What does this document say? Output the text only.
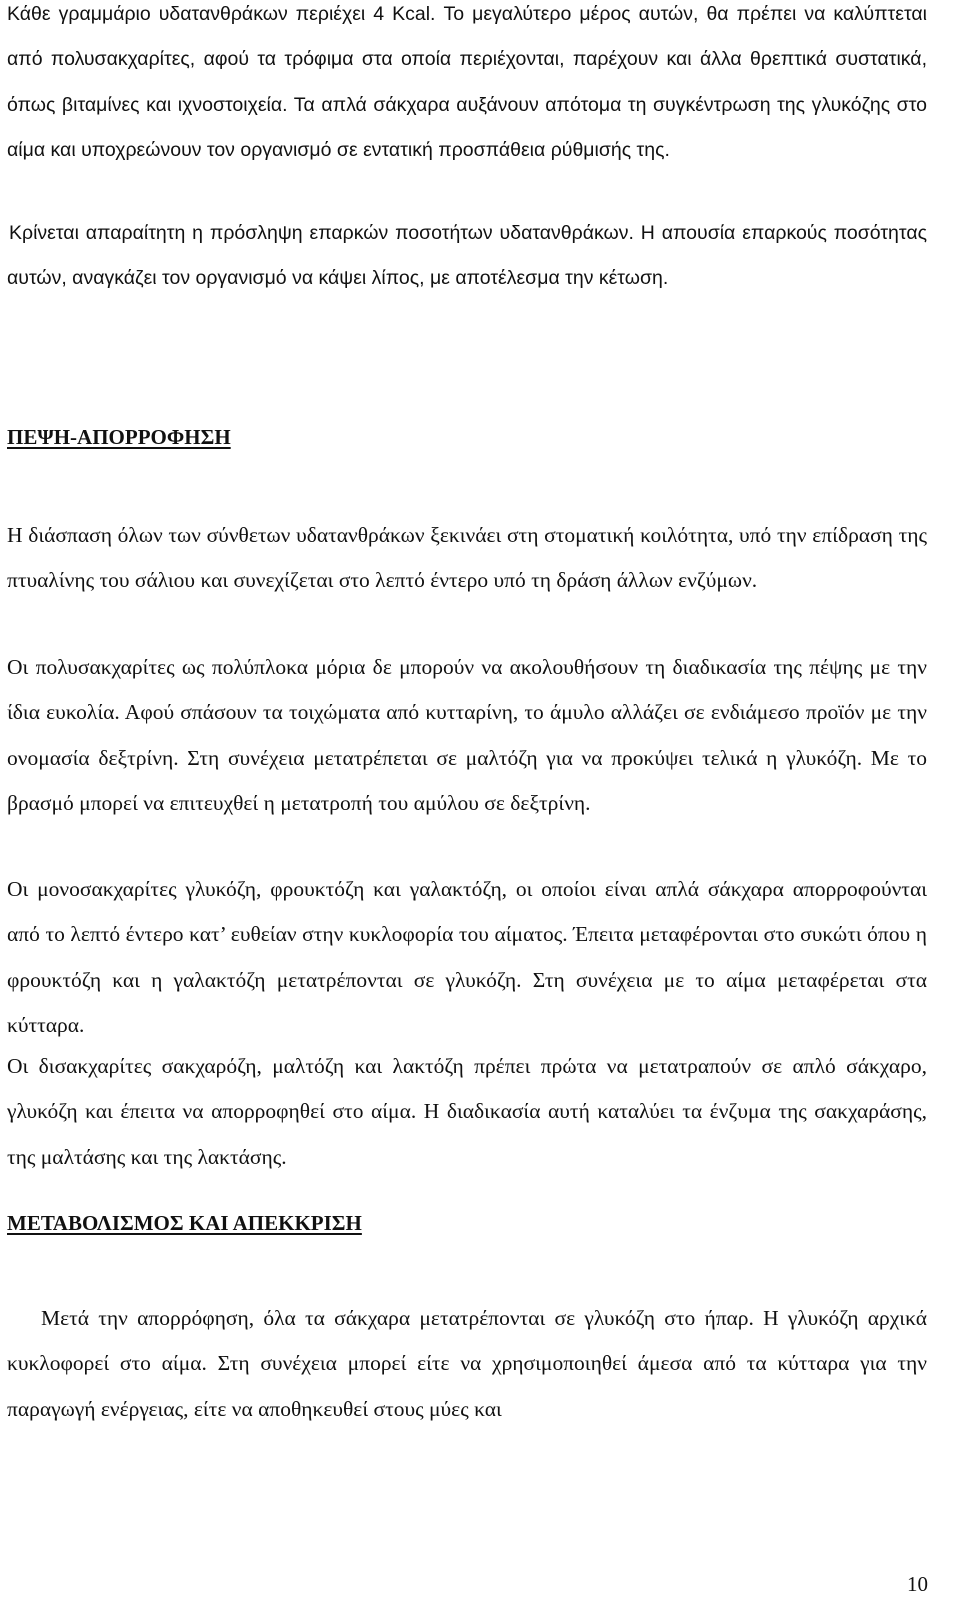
Κάθε γραμμάριο υδατανθράκων περιέχει 4 Kcal. Το μεγαλύτερο μέρος αυτών, θα πρέπει να καλύπτεται από πολυσακχαρίτες, αφού τα τρόφιμα στα οποία περιέχονται, παρέχουν και άλλα θρεπτικά συστατικά, όπως βιταμίνες και ιχνοστοιχεία. Τα απλά σάκχαρα αυξάνουν απότομα τη συγκέντρωση της γλυκόζης στο αίμα και υποχρεώνουν τον οργανισμό σε εντατική προσπάθεια ρύθμισής της.

Κρίνεται απαραίτητη η πρόσληψη επαρκών ποσοτήτων υδατανθράκων. Η απουσία επαρκούς ποσότητας αυτών, αναγκάζει τον οργανισμό να κάψει λίπος, με αποτέλεσμα την κέτωση.

ΠΕΨΗ-ΑΠΟΡΡΟΦΗΣΗ

Η διάσπαση όλων των σύνθετων υδατανθράκων ξεκινάει στη στοματική κοιλότητα, υπό την επίδραση της πτυαλίνης του σάλιου και συνεχίζεται στο λεπτό έντερο υπό τη δράση άλλων ενζύμων.

Οι πολυσακχαρίτες ως πολύπλοκα μόρια δε μπορούν να ακολουθήσουν τη διαδικασία της πέψης με την ίδια ευκολία. Αφού σπάσουν τα τοιχώματα από κυτταρίνη, το άμυλο αλλάζει σε ενδιάμεσο προϊόν με την ονομασία δεξτρίνη. Στη συνέχεια μετατρέπεται σε μαλτόζη για να προκύψει τελικά η γλυκόζη. Με το βρασμό μπορεί να επιτευχθεί η μετατροπή του αμύλου σε δεξτρίνη.

Οι μονοσακχαρίτες γλυκόζη, φρουκτόζη και γαλακτόζη, οι οποίοι είναι απλά σάκχαρα απορροφούνται από το λεπτό έντερο κατ’ ευθείαν στην κυκλοφορία του αίματος. Έπειτα μεταφέρονται στο συκώτι όπου η φρουκτόζη και η γαλακτόζη μετατρέπονται σε γλυκόζη. Στη συνέχεια με το αίμα μεταφέρεται στα κύτταρα.

Οι δισακχαρίτες σακχαρόζη, μαλτόζη και λακτόζη πρέπει πρώτα να μετατραπούν σε απλό σάκχαρο, γλυκόζη και έπειτα να απορροφηθεί στο αίμα. Η διαδικασία αυτή καταλύει τα ένζυμα της σακχαράσης, της μαλτάσης και της λακτάσης.

ΜΕΤΑΒΟΛΙΣΜΟΣ ΚΑΙ ΑΠΕΚΚΡΙΣΗ

Μετά την απορρόφηση, όλα τα σάκχαρα μετατρέπονται σε γλυκόζη στο ήπαρ. Η γλυκόζη αρχικά κυκλοφορεί στο αίμα. Στη συνέχεια μπορεί είτε να χρησιμοποιηθεί άμεσα από τα κύτταρα για την παραγωγή ενέργειας, είτε να αποθηκευθεί στους μύες και

10
